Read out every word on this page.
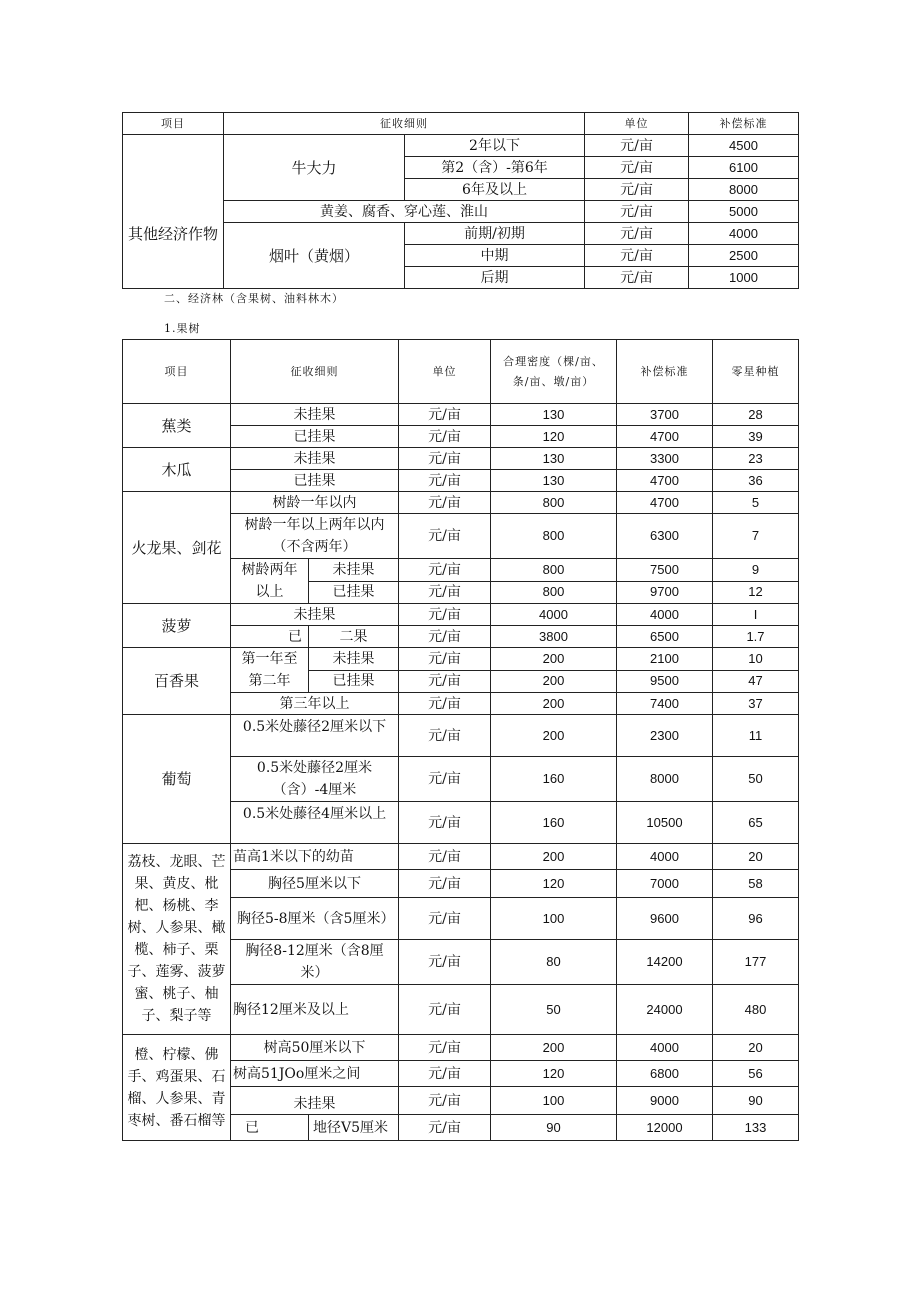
项目	征收细则		单位	补偿标准
其他经济作物	牛大力	2年以下	元/亩	4500
		第2（含）-第6年	元/亩	6100
		6年及以上	元/亩	8000
	黄姜、腐香、穿心莲、淮山		元/亩	5000
	烟叶（黄烟）	前期/初期	元/亩	4000
		中期	元/亩	2500
		后期	元/亩	1000
二、经济林（含果树、油料林木）
1.果树
项目	征收细则		单位	合理密度（棵/亩、条/亩、墩/亩）	补偿标准	零星种植
蕉类	未挂果		元/亩	130	3700	28
	已挂果		元/亩	120	4700	39
木瓜	未挂果		元/亩	130	3300	23
	已挂果		元/亩	130	4700	36
火龙果、剑花	树龄一年以内		元/亩	800	4700	5
	树龄一年以上两年以内（不含两年）		元/亩	800	6300	7
	树龄两年以上	未挂果	元/亩	800	7500	9
		已挂果	元/亩	800	9700	12
菠萝	未挂果		元/亩	4000	4000	I
	已	二果	元/亩	3800	6500	1.7
百香果	第一年至第二年	未挂果	元/亩	200	2100	10
		已挂果	元/亩	200	9500	47
	第三年以上		元/亩	200	7400	37
葡萄	0.5米处藤径2厘米以下		元/亩	200	2300	11
	0.5米处藤径2厘米（含）-4厘米		元/亩	160	8000	50
	0.5米处藤径4厘米以上		元/亩	160	10500	65
荔枝、龙眼、芒果、黄皮、枇杷、杨桃、李树、人参果、橄榄、柿子、栗子、莲雾、菠萝蜜、桃子、柚子、梨子等	苗高1米以下的幼苗		元/亩	200	4000	20
	胸径5厘米以下		元/亩	120	7000	58
	胸径5-8厘米（含5厘米）		元/亩	100	9600	96
	胸径8-12厘米（含8厘米）		元/亩	80	14200	177
	胸径12厘米及以上		元/亩	50	24000	480
橙、柠檬、佛手、鸡蛋果、石榴、人参果、青枣树、番石榴等	树高50厘米以下		元/亩	200	4000	20
	树高51JOo厘米之间		元/亩	120	6800	56
	未挂果		元/亩	100	9000	90
	已	地径V5厘米	元/亩	90	12000	133
